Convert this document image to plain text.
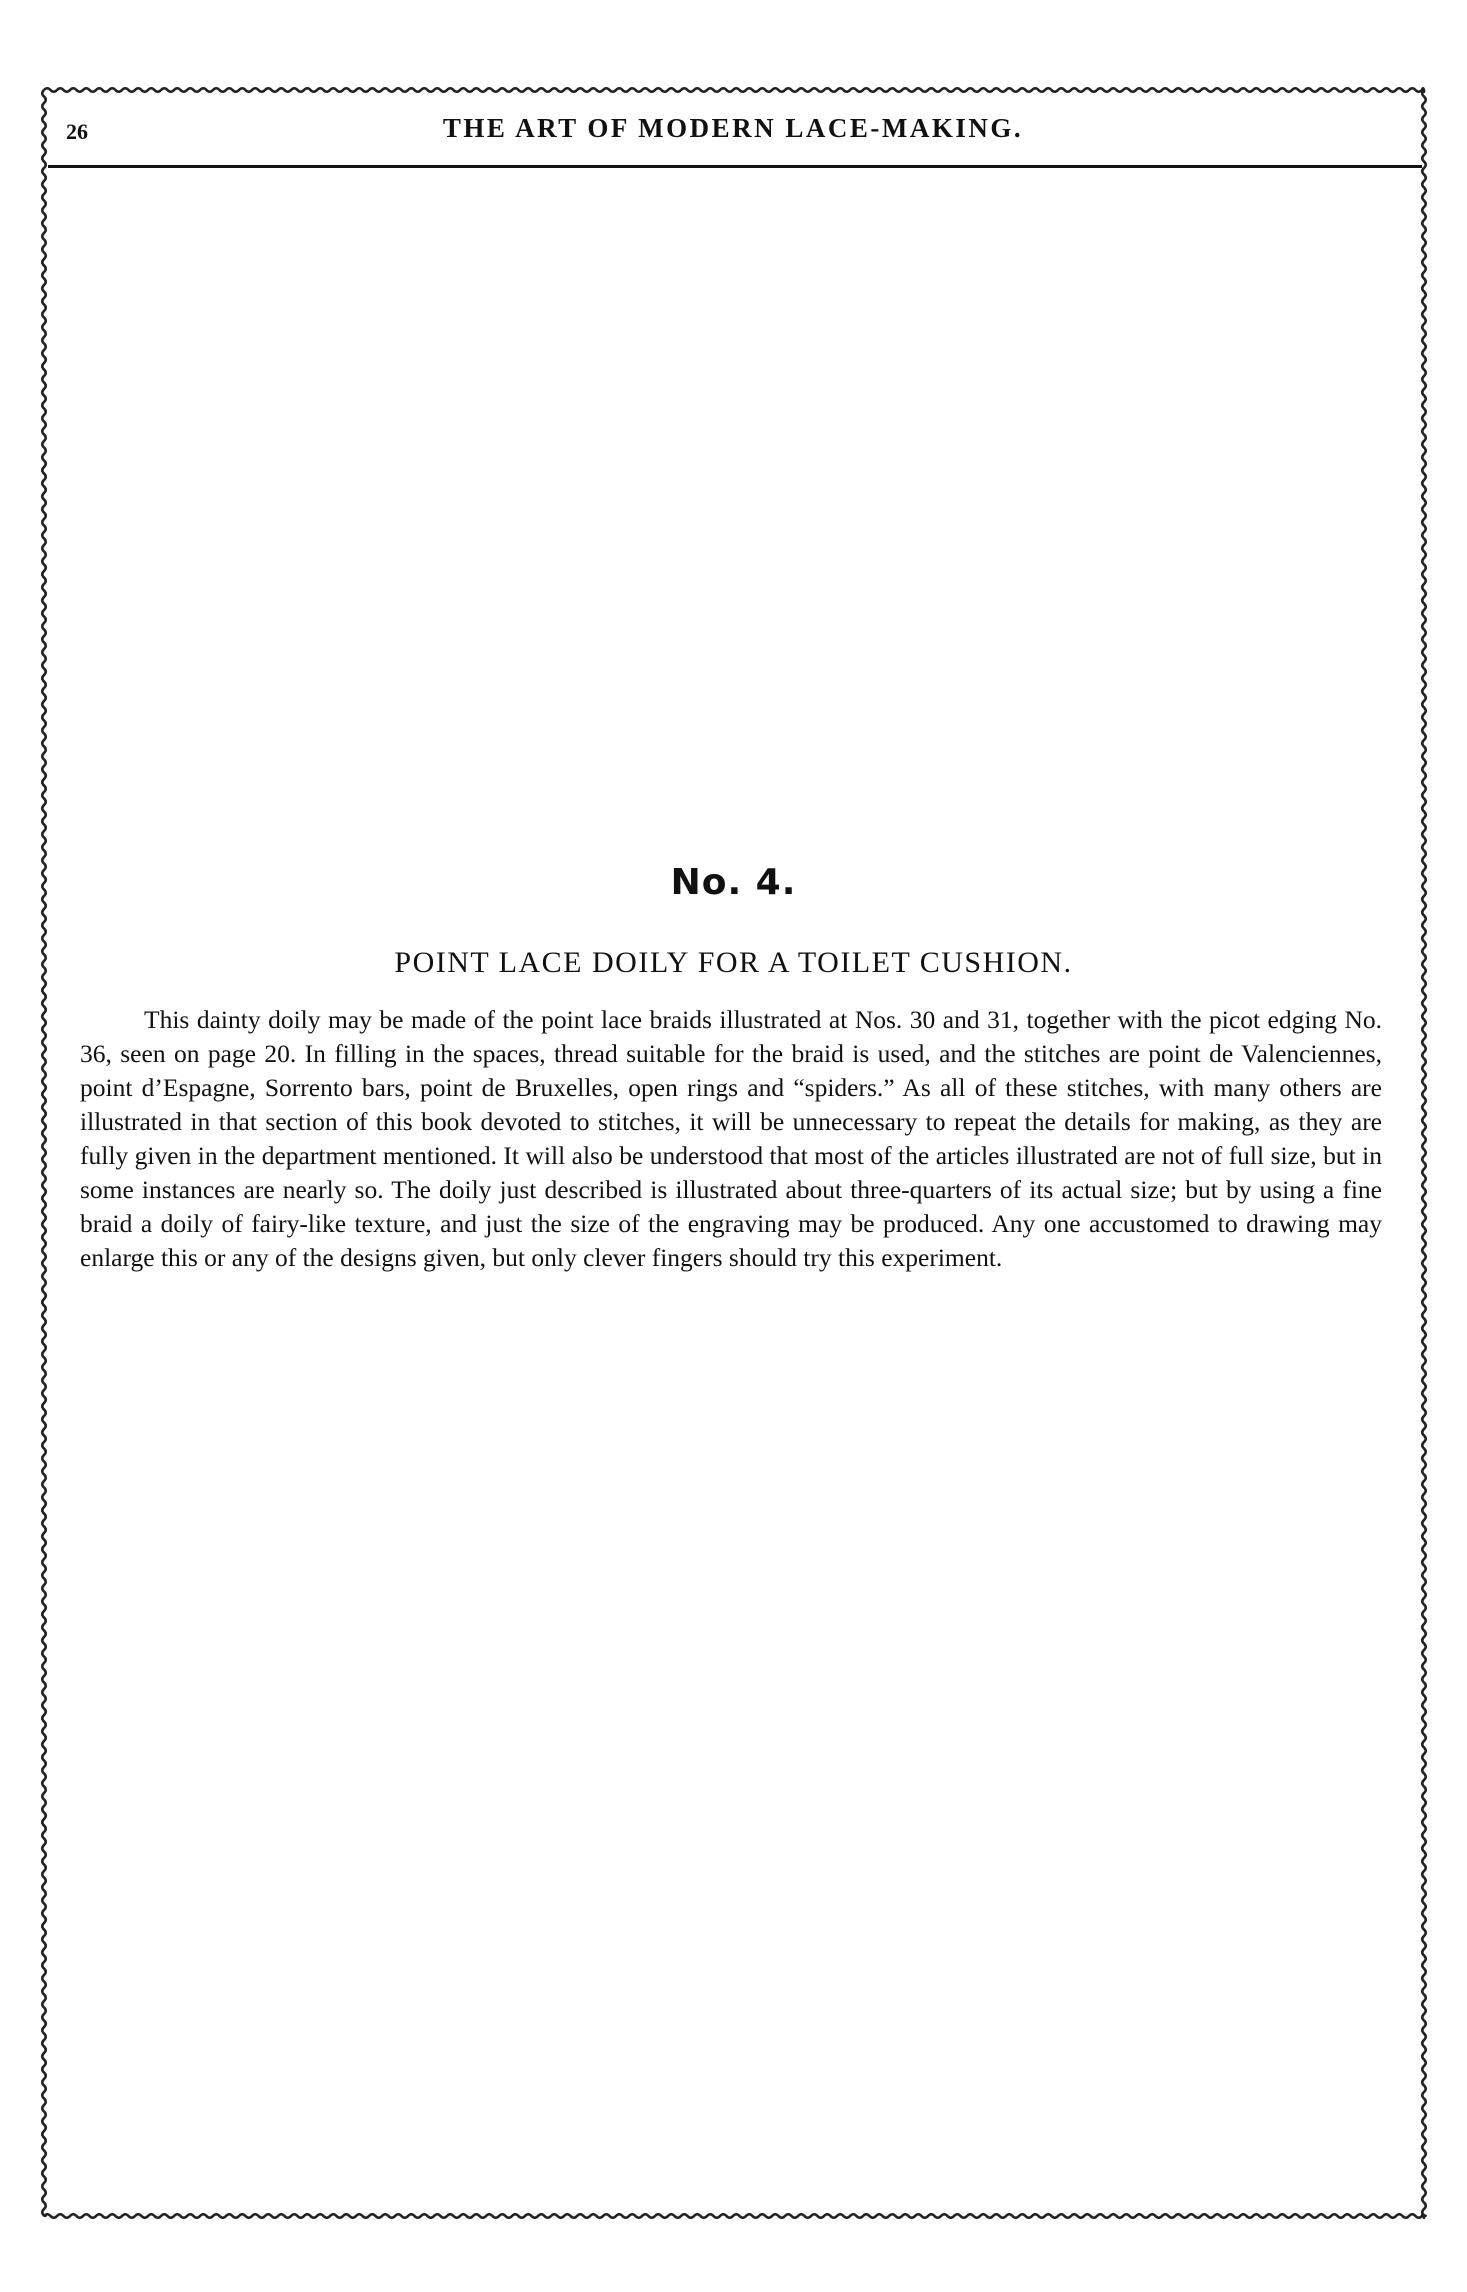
26	THE ART OF MODERN LACE-MAKING.
No. 4.
POINT LACE DOILY FOR A TOILET CUSHION.

This dainty doily may be made of the point lace braids illustrated at Nos. 30 and 31, together with the picot edging No. 36, seen on page 20. In filling in the spaces, thread suitable for the braid is used, and the stitches are point de Valenciennes, point d’Espagne, Sorrento bars, point de Bruxelles, open rings and “spiders.” As all of these stitches, with many others are illustrated in that section of this book devoted to stitches, it will be unnecessary to repeat the details for making, as they are fully given in the department mentioned. It will also be understood that most of the articles illustrated are not of full size, but in some instances are nearly so. The doily just described is illustrated about three-quarters of its actual size; but by using a fine braid a doily of fairy-like texture, and just the size of the engraving may be produced. Any one accustomed to drawing may enlarge this or any of the designs given, but only clever fingers should try this experiment.
